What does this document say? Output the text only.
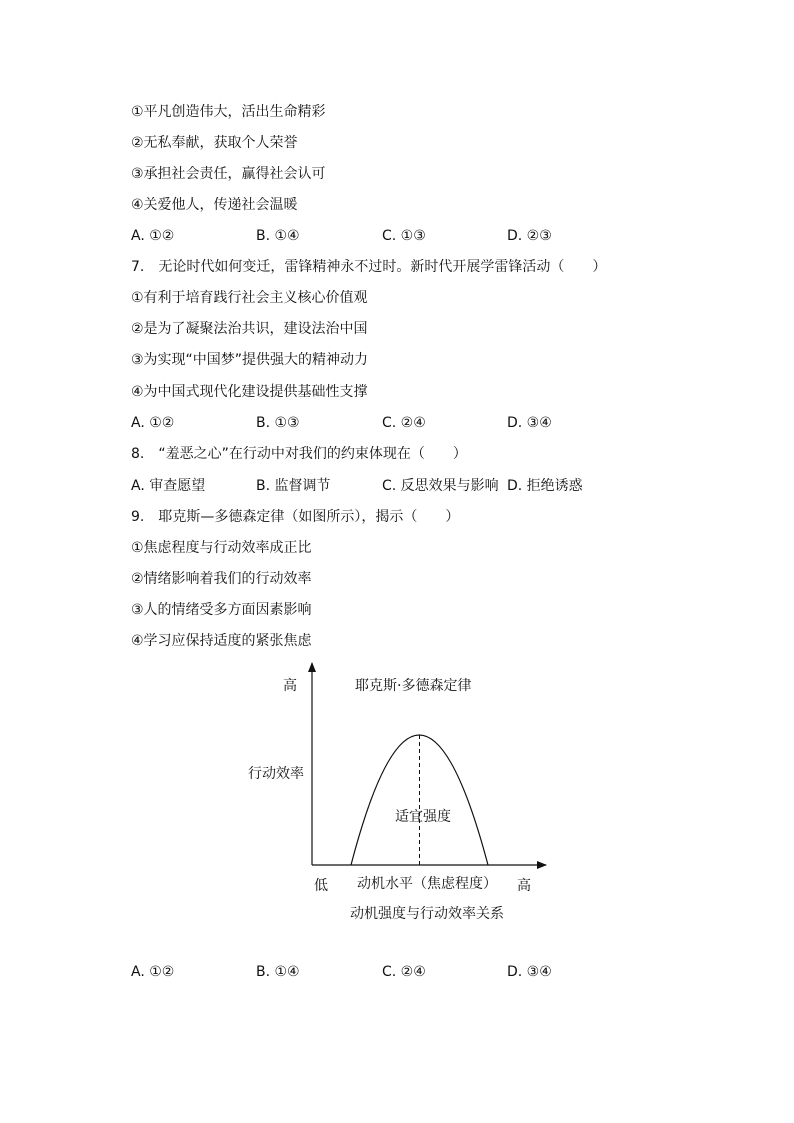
①平凡创造伟大，活出生命精彩
②无私奉献，获取个人荣誉
③承担社会责任，赢得社会认可
④关爱他人，传递社会温暖
A. ①②	B. ①④	C. ①③	D. ②③
7.　无论时代如何变迁，雷锋精神永不过时。新时代开展学雷锋活动（　　）
①有利于培育践行社会主义核心价值观
②是为了凝聚法治共识，建设法治中国
③为实现“中国梦”提供强大的精神动力
④为中国式现代化建设提供基础性支撑
A. ①②	B. ①③	C. ②④	D. ③④
8.　“羞恶之心”在行动中对我们的约束体现在（　　）
A. 审查愿望	B. 监督调节	C. 反思效果与影响 D. 拒绝诱惑
9.　耶克斯—多德森定律（如图所示），揭示（　　）
①焦虑程度与行动效率成正比
②情绪影响着我们的行动效率
③人的情绪受多方面因素影响
④学习应保持适度的紧张焦虑
高	耶克斯·多德森定律
行动效率
适宜强度
低 动机水平（焦虑程度） 高
动机强度与行动效率关系
A. ①②	B. ①④	C. ②④	D. ③④
